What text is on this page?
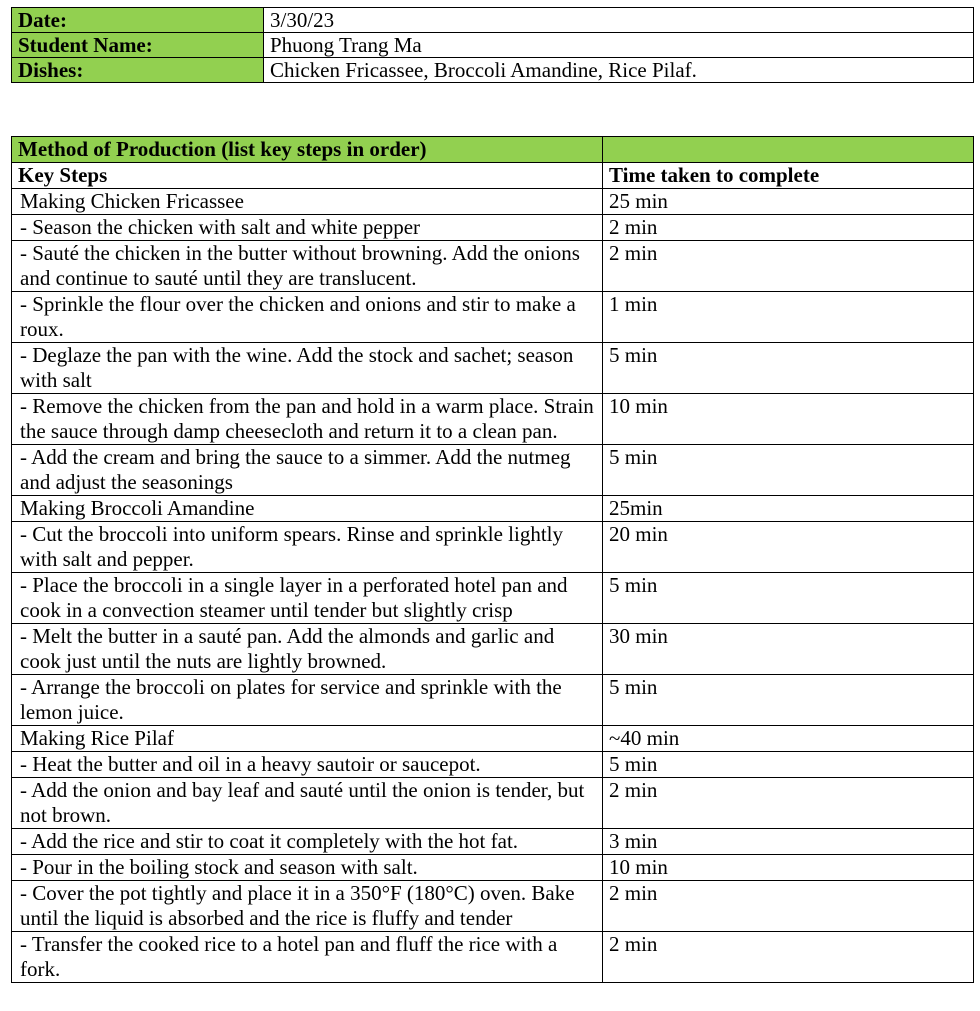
Date:	3/30/23
Student Name:	Phuong Trang Ma
Dishes:	Chicken Fricassee, Broccoli Amandine, Rice Pilaf.
Method of Production (list key steps in order)	
Key Steps	Time taken to complete
Making Chicken Fricassee	25 min
- Season the chicken with salt and white pepper	2 min
- Sauté the chicken in the butter without browning. Add the onions and continue to sauté until they are translucent.	2 min
- Sprinkle the flour over the chicken and onions and stir to make a roux.	1 min
- Deglaze the pan with the wine. Add the stock and sachet; season with salt	5 min
- Remove the chicken from the pan and hold in a warm place. Strain the sauce through damp cheesecloth and return it to a clean pan.	10 min
- Add the cream and bring the sauce to a simmer. Add the nutmeg and adjust the seasonings	5 min
Making Broccoli Amandine	25min
- Cut the broccoli into uniform spears. Rinse and sprinkle lightly with salt and pepper.	20 min
- Place the broccoli in a single layer in a perforated hotel pan and cook in a convection steamer until tender but slightly crisp	5 min
- Melt the butter in a sauté pan. Add the almonds and garlic and cook just until the nuts are lightly browned.	30 min
- Arrange the broccoli on plates for service and sprinkle with the lemon juice.	5 min
Making Rice Pilaf	~40 min
- Heat the butter and oil in a heavy sautoir or saucepot.	5 min
- Add the onion and bay leaf and sauté until the onion is tender, but not brown.	2 min
- Add the rice and stir to coat it completely with the hot fat.	3 min
- Pour in the boiling stock and season with salt.	10 min
- Cover the pot tightly and place it in a 350°F (180°C) oven. Bake until the liquid is absorbed and the rice is fluffy and tender	2 min
- Transfer the cooked rice to a hotel pan and fluff the rice with a fork.	2 min
